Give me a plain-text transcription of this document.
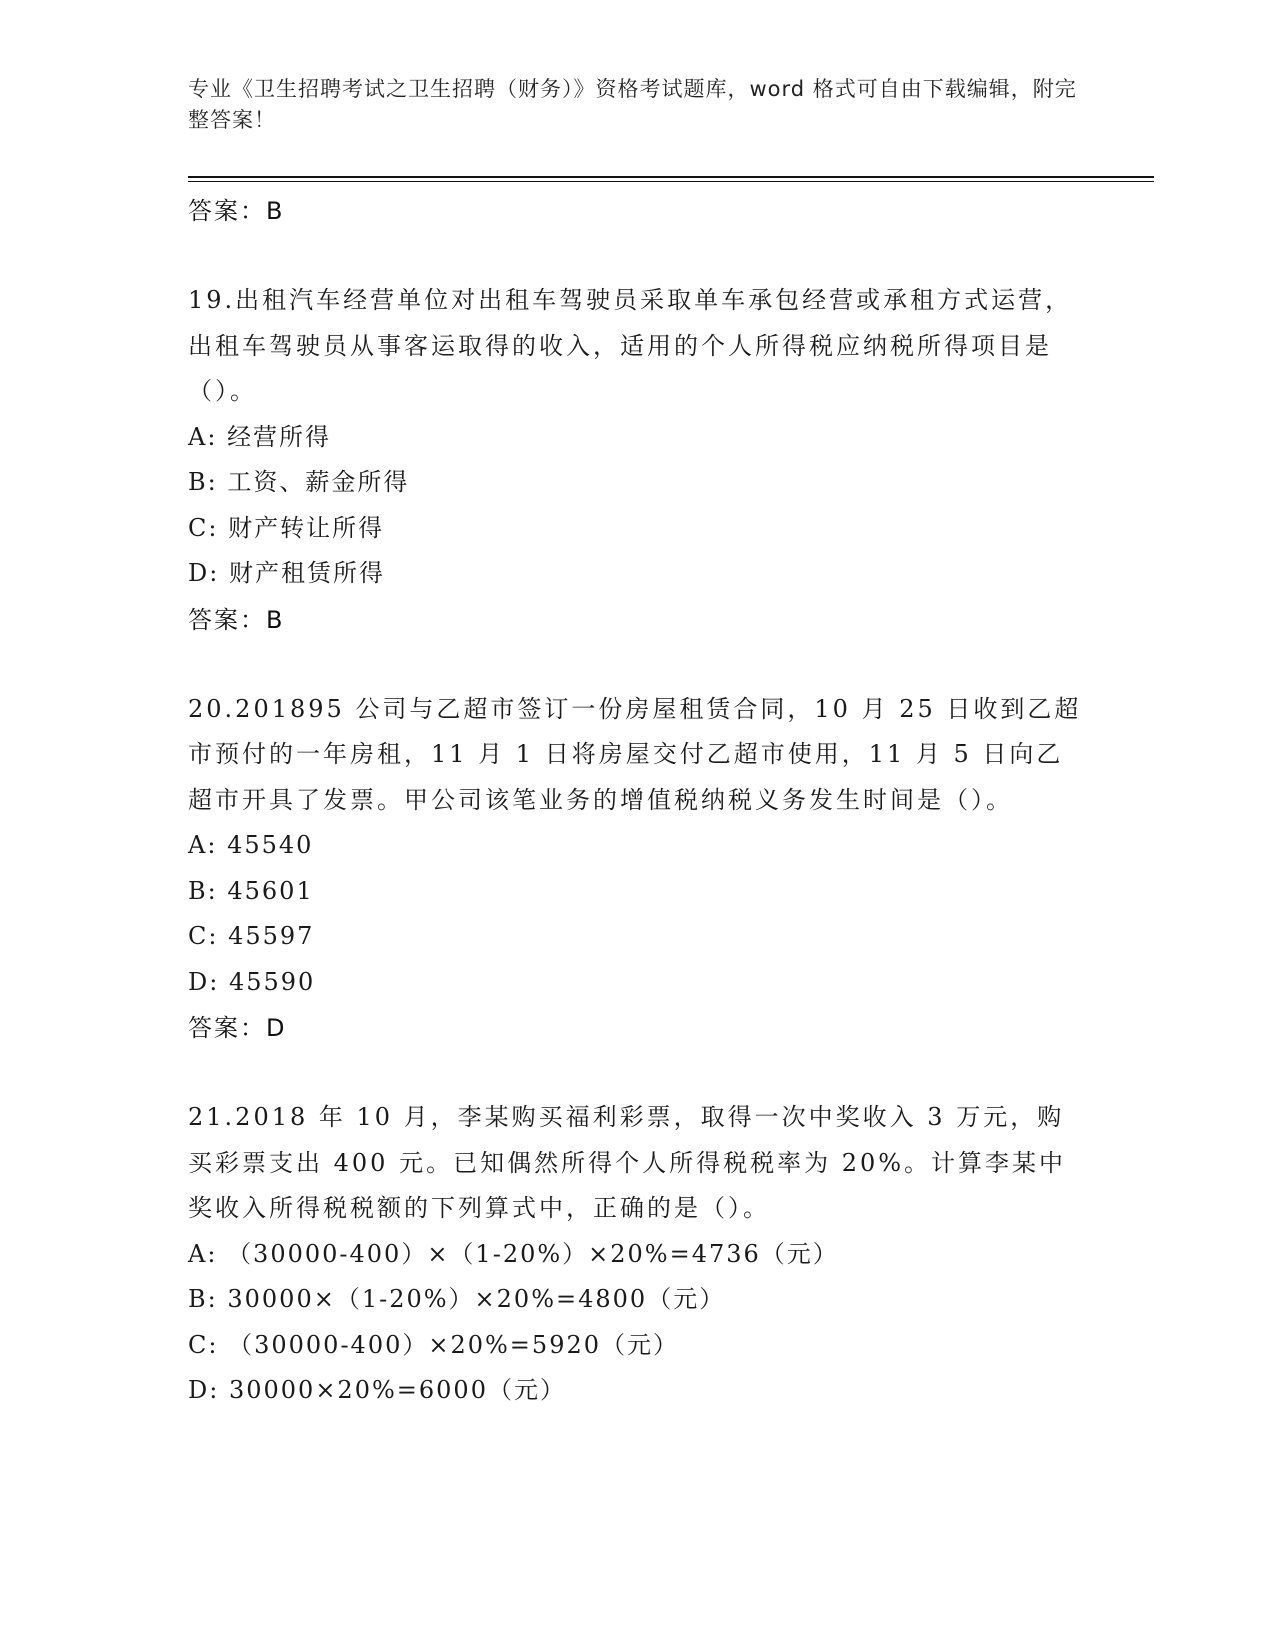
专业《卫生招聘考试之卫生招聘（财务）》资格考试题库，word 格式可自由下载编辑，附完整答案！
答案：B
19.出租汽车经营单位对出租车驾驶员采取单车承包经营或承租方式运营，出租车驾驶员从事客运取得的收入，适用的个人所得税应纳税所得项目是（）。
A: 经营所得
B: 工资、薪金所得
C: 财产转让所得
D: 财产租赁所得
答案：B
20.201895 公司与乙超市签订一份房屋租赁合同，10 月 25 日收到乙超市预付的一年房租，11 月 1 日将房屋交付乙超市使用，11 月 5 日向乙超市开具了发票。甲公司该笔业务的增值税纳税义务发生时间是（）。
A: 45540
B: 45601
C: 45597
D: 45590
答案：D
21.2018 年 10 月，李某购买福利彩票，取得一次中奖收入 3 万元，购买彩票支出 400 元。已知偶然所得个人所得税税率为 20%。计算李某中奖收入所得税税额的下列算式中，正确的是（）。
A: （30000-400）×（1-20%）×20%=4736（元）
B: 30000×（1-20%）×20%=4800（元）
C: （30000-400）×20%=5920（元）
D: 30000×20%=6000（元）
